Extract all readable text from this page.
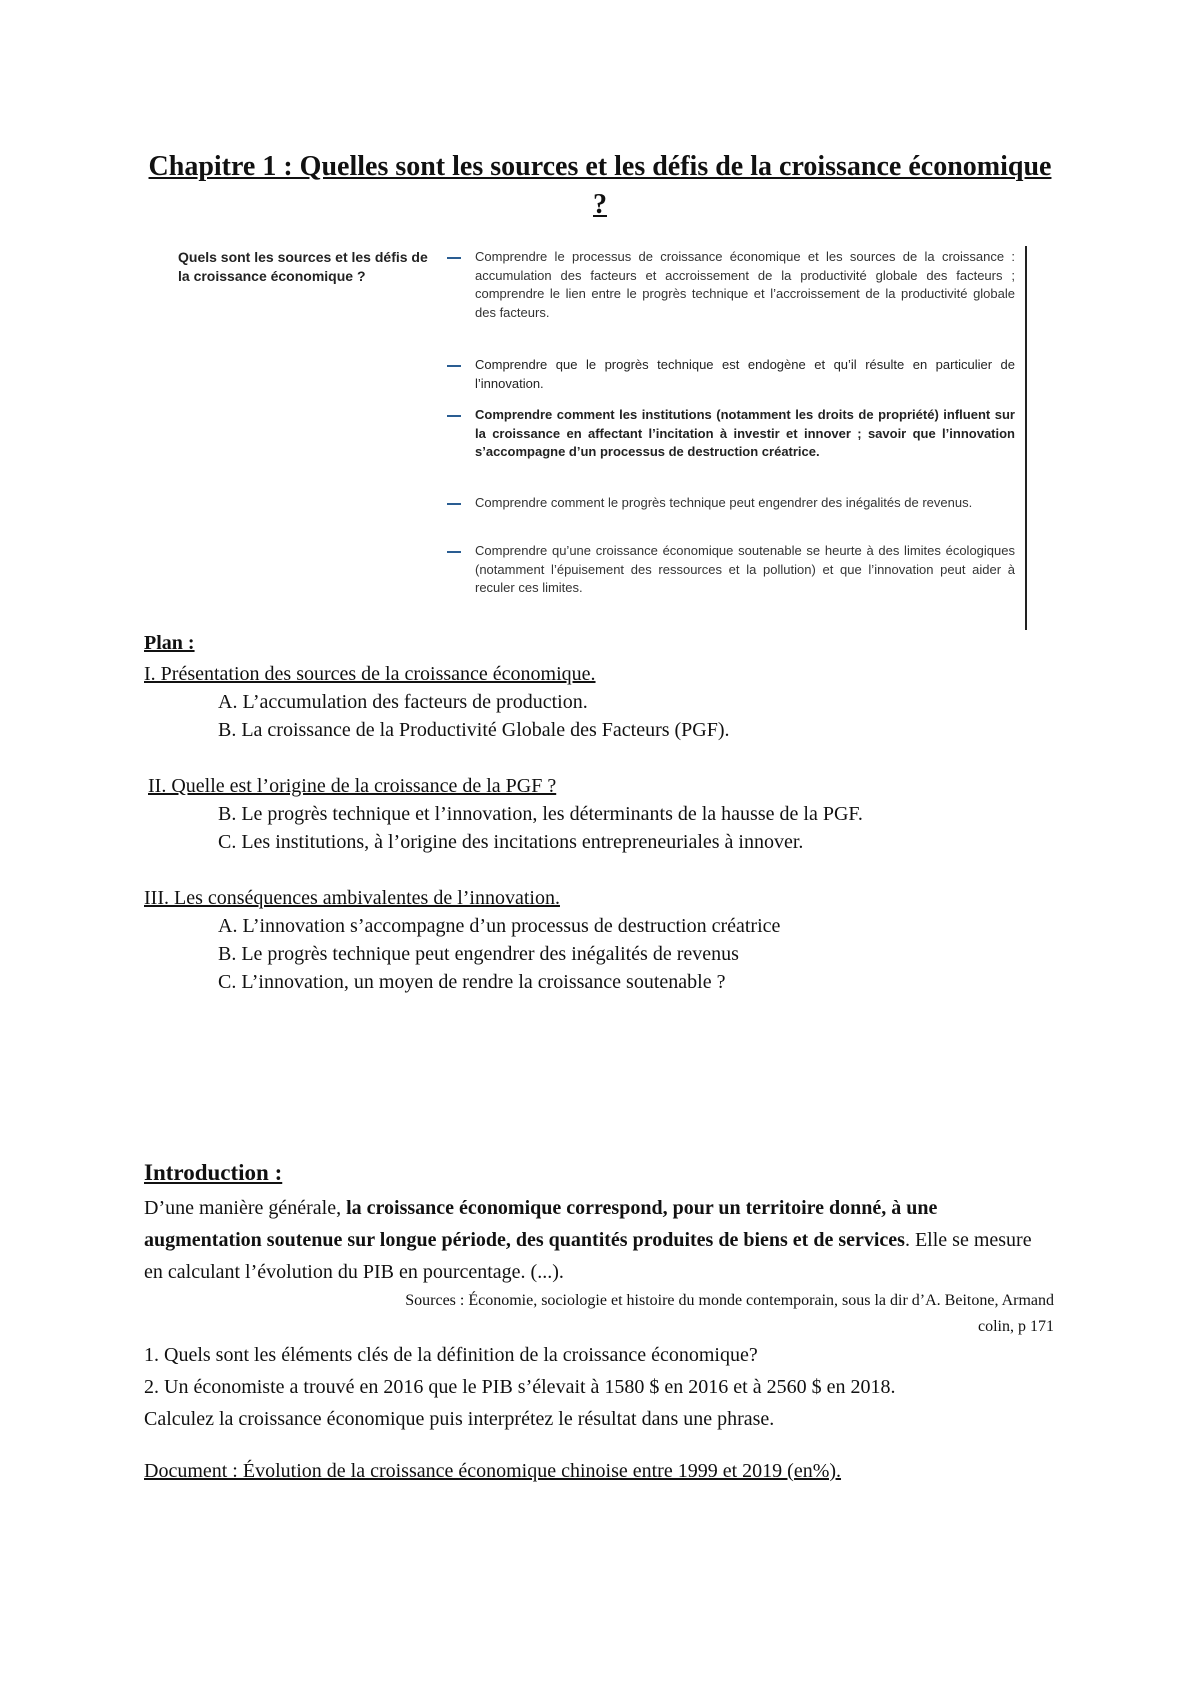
Chapitre 1 : Quelles sont les sources et les défis de la croissance économique ?
Quels sont les sources et les défis de la croissance économique ?
Comprendre le processus de croissance économique et les sources de la croissance : accumulation des facteurs et accroissement de la productivité globale des facteurs ; comprendre le lien entre le progrès technique et l’accroissement de la productivité globale des facteurs.
Comprendre que le progrès technique est endogène et qu’il résulte en particulier de l’innovation.
Comprendre comment les institutions (notamment les droits de propriété) influent sur la croissance en affectant l’incitation à investir et innover ; savoir que l’innovation s’accompagne d’un processus de destruction créatrice.
Comprendre comment le progrès technique peut engendrer des inégalités de revenus.
Comprendre qu’une croissance économique soutenable se heurte à des limites écologiques (notamment l’épuisement des ressources et la pollution) et que l’innovation peut aider à reculer ces limites.
Plan :
I. Présentation des sources de la croissance économique.
A. L’accumulation des facteurs de production.
B. La croissance de la Productivité Globale des Facteurs (PGF).
II. Quelle est l’origine de la croissance de la PGF ?
B. Le progrès technique et l’innovation, les déterminants de la hausse de la PGF.
C. Les institutions, à l’origine des incitations entrepreneuriales à innover.
III. Les conséquences ambivalentes de l’innovation.
A. L’innovation s’accompagne d’un processus de destruction créatrice
B. Le progrès technique peut engendrer des inégalités de revenus
C. L’innovation, un moyen de rendre la croissance soutenable ?
Introduction :
D’une manière générale, la croissance économique correspond, pour un territoire donné, à une augmentation soutenue sur longue période, des quantités produites de biens et de services. Elle se mesure en calculant l’évolution du PIB en pourcentage. (...).
Sources : Économie, sociologie et histoire du monde contemporain, sous la dir d’A. Beitone, Armand
colin, p 171
1. Quels sont les éléments clés de la définition de la croissance économique?
2. Un économiste a trouvé en 2016 que le PIB s’élevait à 1580 $ en 2016 et à 2560 $ en 2018.
Calculez la croissance économique puis interprétez le résultat dans une phrase.
Document : Évolution de la croissance économique chinoise entre 1999 et 2019 (en%).
